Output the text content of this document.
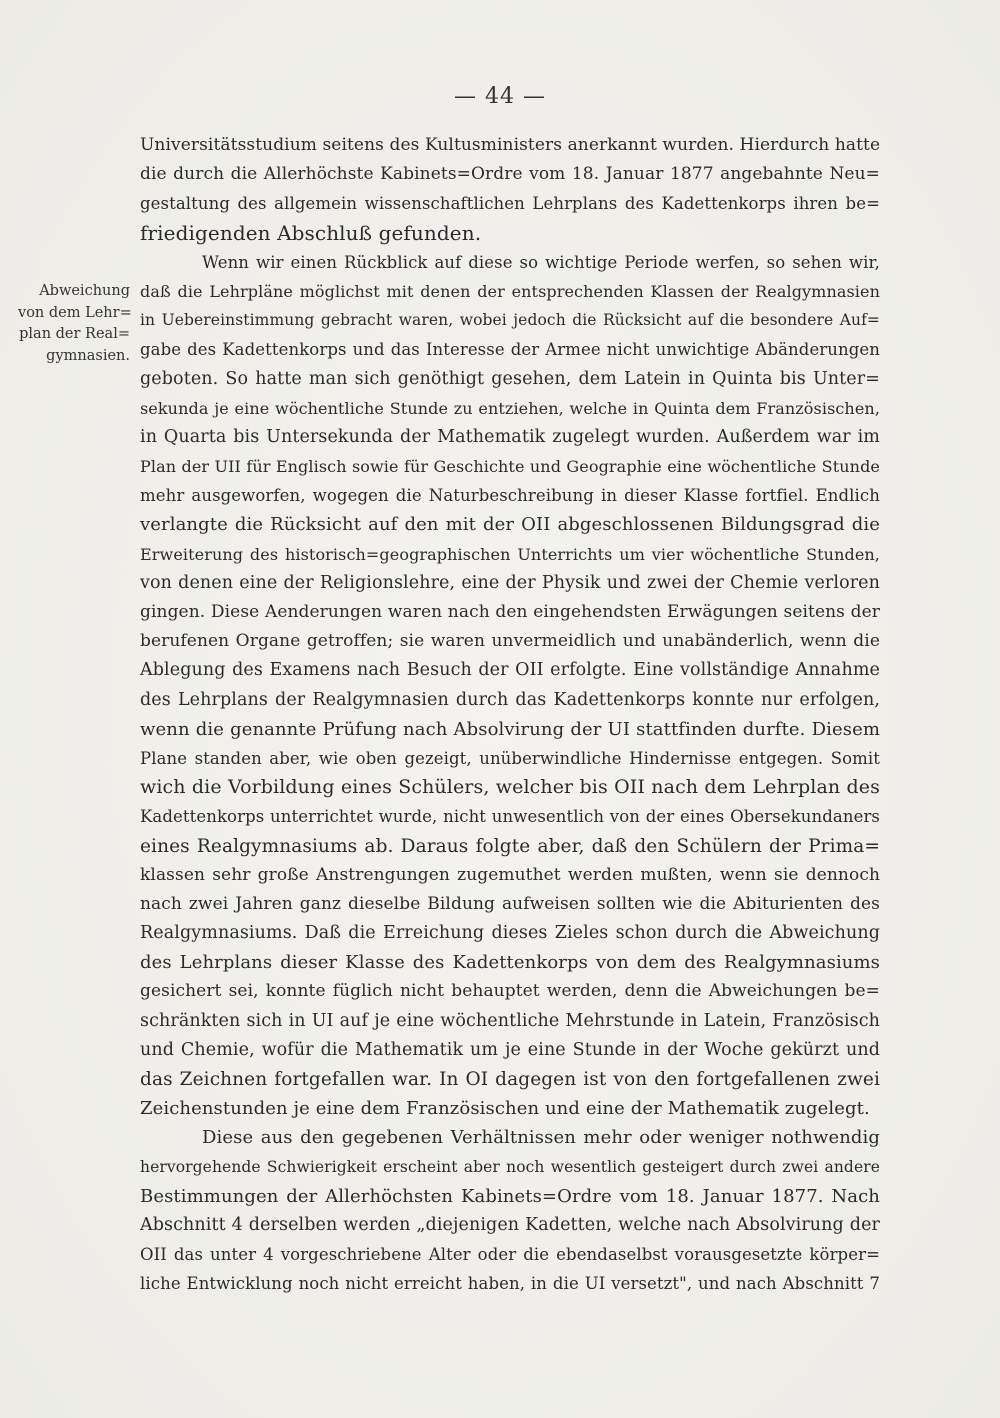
— 44 —
Abweichung
von dem Lehr=
plan der Real=
gymnasien.
Universitätsstudium seitens des Kultusministers anerkannt wurden. Hierdurch hatte
die durch die Allerhöchste Kabinets=Ordre vom 18. Januar 1877 angebahnte Neu=
gestaltung des allgemein wissenschaftlichen Lehrplans des Kadettenkorps ihren be=
friedigenden Abschluß gefunden.
Wenn wir einen Rückblick auf diese so wichtige Periode werfen, so sehen wir,
daß die Lehrpläne möglichst mit denen der entsprechenden Klassen der Realgymnasien
in Uebereinstimmung gebracht waren, wobei jedoch die Rücksicht auf die besondere Auf=
gabe des Kadettenkorps und das Interesse der Armee nicht unwichtige Abänderungen
geboten. So hatte man sich genöthigt gesehen, dem Latein in Quinta bis Unter=
sekunda je eine wöchentliche Stunde zu entziehen, welche in Quinta dem Französischen,
in Quarta bis Untersekunda der Mathematik zugelegt wurden. Außerdem war im
Plan der UII für Englisch sowie für Geschichte und Geographie eine wöchentliche Stunde
mehr ausgeworfen, wogegen die Naturbeschreibung in dieser Klasse fortfiel. Endlich
verlangte die Rücksicht auf den mit der OII abgeschlossenen Bildungsgrad die
Erweiterung des historisch=geographischen Unterrichts um vier wöchentliche Stunden,
von denen eine der Religionslehre, eine der Physik und zwei der Chemie verloren
gingen. Diese Aenderungen waren nach den eingehendsten Erwägungen seitens der
berufenen Organe getroffen; sie waren unvermeidlich und unabänderlich, wenn die
Ablegung des Examens nach Besuch der OII erfolgte. Eine vollständige Annahme
des Lehrplans der Realgymnasien durch das Kadettenkorps konnte nur erfolgen,
wenn die genannte Prüfung nach Absolvirung der UI stattfinden durfte. Diesem
Plane standen aber, wie oben gezeigt, unüberwindliche Hindernisse entgegen. Somit
wich die Vorbildung eines Schülers, welcher bis OII nach dem Lehrplan des
Kadettenkorps unterrichtet wurde, nicht unwesentlich von der eines Obersekundaners
eines Realgymnasiums ab. Daraus folgte aber, daß den Schülern der Prima=
klassen sehr große Anstrengungen zugemuthet werden mußten, wenn sie dennoch
nach zwei Jahren ganz dieselbe Bildung aufweisen sollten wie die Abiturienten des
Realgymnasiums. Daß die Erreichung dieses Zieles schon durch die Abweichung
des Lehrplans dieser Klasse des Kadettenkorps von dem des Realgymnasiums
gesichert sei, konnte füglich nicht behauptet werden, denn die Abweichungen be=
schränkten sich in UI auf je eine wöchentliche Mehrstunde in Latein, Französisch
und Chemie, wofür die Mathematik um je eine Stunde in der Woche gekürzt und
das Zeichnen fortgefallen war. In OI dagegen ist von den fortgefallenen zwei
Zeichenstunden je eine dem Französischen und eine der Mathematik zugelegt.
Diese aus den gegebenen Verhältnissen mehr oder weniger nothwendig
hervorgehende Schwierigkeit erscheint aber noch wesentlich gesteigert durch zwei andere
Bestimmungen der Allerhöchsten Kabinets=Ordre vom 18. Januar 1877. Nach
Abschnitt 4 derselben werden „diejenigen Kadetten, welche nach Absolvirung der
OII das unter 4 vorgeschriebene Alter oder die ebendaselbst vorausgesetzte körper=
liche Entwicklung noch nicht erreicht haben, in die UI versetzt", und nach Abschnitt 7
